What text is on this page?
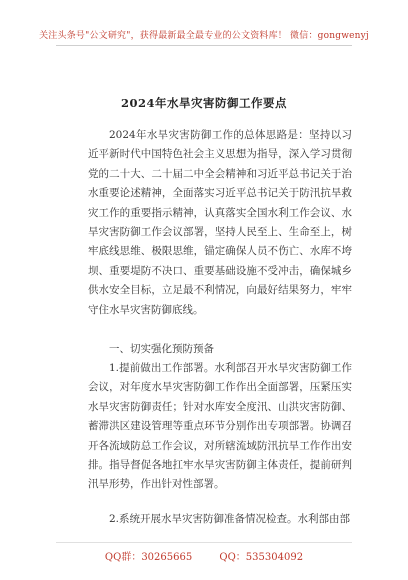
关注头条号"公文研究"，获得最新最全最专业的公文资料库！ 微信：gongwenyj
2024年水旱灾害防御工作要点

2024年水旱灾害防御工作的总体思路是：坚持以习近平新时代中国特色社会主义思想为指导，深入学习贯彻党的二十大、二十届二中全会精神和习近平总书记关于治水重要论述精神，全面落实习近平总书记关于防汛抗旱救灾工作的重要指示精神，认真落实全国水利工作会议、水旱灾害防御工作会议部署，坚持人民至上、生命至上，树牢底线思维、极限思维，锚定确保人员不伤亡、水库不垮坝、重要堤防不决口、重要基础设施不受冲击，确保城乡供水安全目标，立足最不利情况，向最好结果努力，牢牢守住水旱灾害防御底线。

一、切实强化预防预备

1.提前做出工作部署。水利部召开水旱灾害防御工作会议，对年度水旱灾害防御工作作出全面部署，压紧压实水旱灾害防御责任；针对水库安全度汛、山洪灾害防御、蓄滞洪区建设管理等重点环节分别作出专项部署。协调召开各流域防总工作会议，对所辖流域防汛抗旱工作作出安排。指导督促各地扛牢水旱灾害防御主体责任，提前研判汛旱形势，作出针对性部署。

2.系统开展水旱灾害防御准备情况检查。水利部由部

QQ群：30265665	QQ：535304092
